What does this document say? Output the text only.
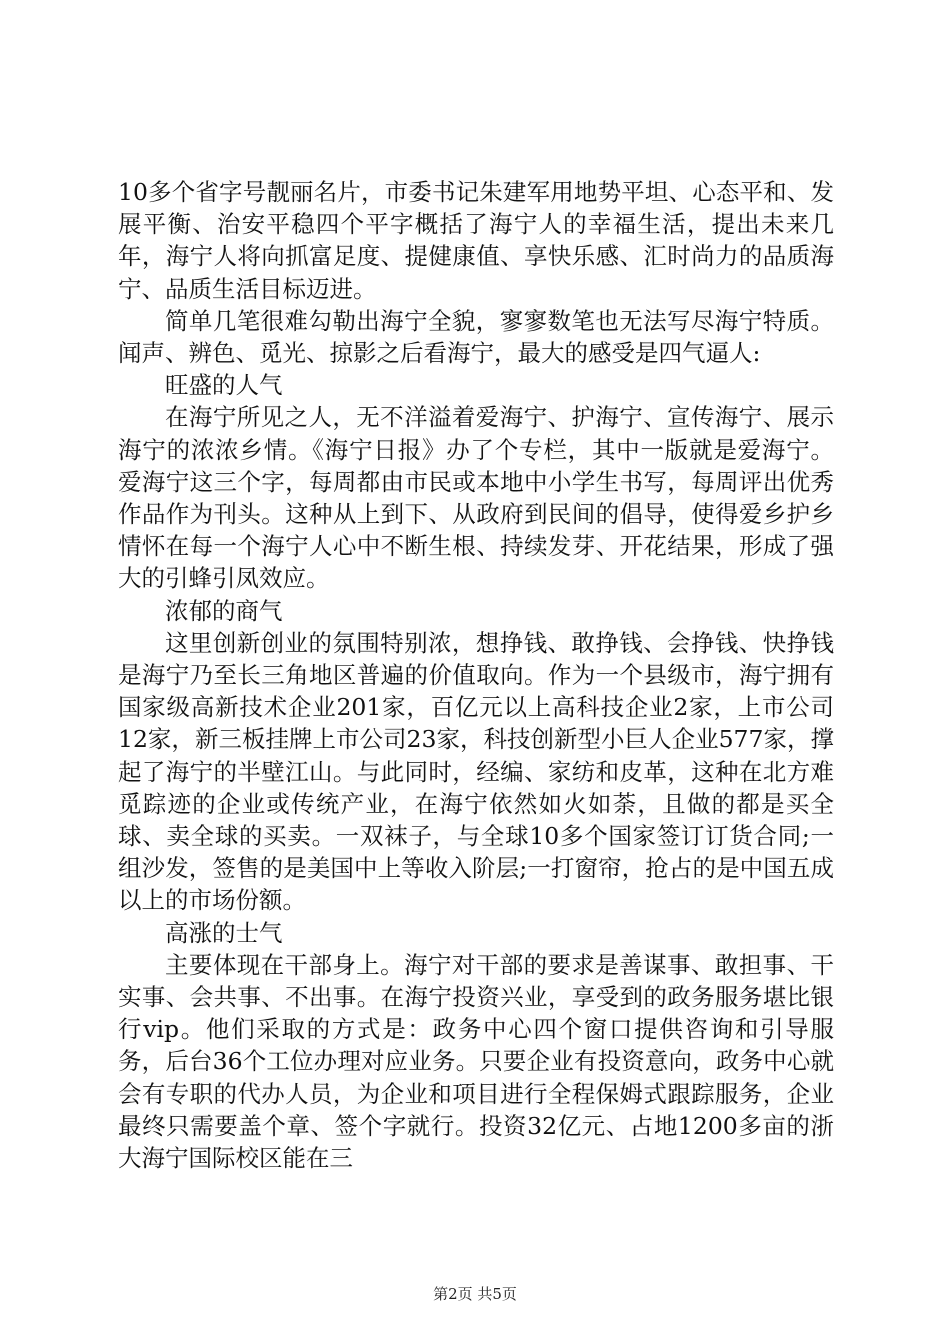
10多个省字号靓丽名片，市委书记朱建军用地势平坦、心态平和、发展平衡、治安平稳四个平字概括了海宁人的幸福生活，提出未来几年，海宁人将向抓富足度、提健康值、享快乐感、汇时尚力的品质海宁、品质生活目标迈进。

简单几笔很难勾勒出海宁全貌，寥寥数笔也无法写尽海宁特质。闻声、辨色、觅光、掠影之后看海宁，最大的感受是四气逼人:

旺盛的人气

在海宁所见之人，无不洋溢着爱海宁、护海宁、宣传海宁、展示海宁的浓浓乡情。《海宁日报》办了个专栏，其中一版就是爱海宁。爱海宁这三个字，每周都由市民或本地中小学生书写，每周评出优秀作品作为刊头。这种从上到下、从政府到民间的倡导，使得爱乡护乡情怀在每一个海宁人心中不断生根、持续发芽、开花结果，形成了强大的引蜂引凤效应。

浓郁的商气

这里创新创业的氛围特别浓，想挣钱、敢挣钱、会挣钱、快挣钱是海宁乃至长三角地区普遍的价值取向。作为一个县级市，海宁拥有国家级高新技术企业201家，百亿元以上高科技企业2家，上市公司12家，新三板挂牌上市公司23家，科技创新型小巨人企业577家，撑起了海宁的半壁江山。与此同时，经编、家纺和皮革，这种在北方难觅踪迹的企业或传统产业，在海宁依然如火如荼，且做的都是买全球、卖全球的买卖。一双袜子，与全球10多个国家签订订货合同;一组沙发，签售的是美国中上等收入阶层;一打窗帘，抢占的是中国五成以上的市场份额。

高涨的士气

主要体现在干部身上。海宁对干部的要求是善谋事、敢担事、干实事、会共事、不出事。在海宁投资兴业，享受到的政务服务堪比银行vip。他们采取的方式是：政务中心四个窗口提供咨询和引导服务，后台36个工位办理对应业务。只要企业有投资意向，政务中心就会有专职的代办人员，为企业和项目进行全程保姆式跟踪服务，企业最终只需要盖个章、签个字就行。投资32亿元、占地1200多亩的浙大海宁国际校区能在三

第2页 共5页
